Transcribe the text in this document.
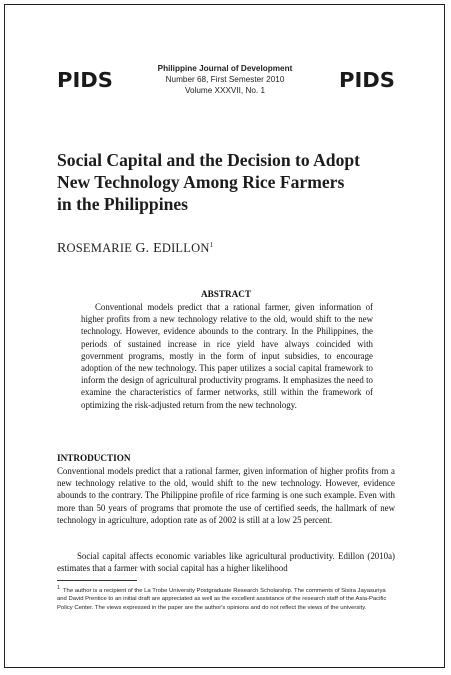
PIDS	Philippine Journal of Development
Number 68, First Semester 2010
Volume XXXVII, No. 1	PIDS
Social Capital and the Decision to Adopt
New Technology Among Rice Farmers
in the Philippines
ROSEMARIE G. EDILLON$^1$
ABSTRACT

Conventional models predict that a rational farmer, given information of higher profits from a new technology relative to the old, would shift to the new technology. However, evidence abounds to the contrary. In the Philippines, the periods of sustained increase in rice yield have always coincided with government programs, mostly in the form of input subsidies, to encourage adoption of the new technology. This paper utilizes a social capital framework to inform the design of agricultural productivity programs. It emphasizes the need to examine the characteristics of farmer networks, still within the framework of optimizing the risk-adjusted return from the new technology.

INTRODUCTION

Conventional models predict that a rational farmer, given information of higher profits from a new technology relative to the old, would shift to the new technology. However, evidence abounds to the contrary. The Philippine profile of rice farming is one such example. Even with more than 50 years of programs that promote the use of certified seeds, the hallmark of new technology in agriculture, adoption rate as of 2002 is still at a low 25 percent.

Social capital affects economic variables like agricultural productivity. Edillon (2010a) estimates that a farmer with social capital has a higher likelihood

$^1$ The author is a recipient of the La Trobe University Postgraduate Research Scholarship. The comments of Sisira Jayasuriya and David Prentice to an initial draft are appreciated as well as the excellent assistance of the research staff of the Asia-Pacific Policy Center. The views expressed in the paper are the author's opinions and do not reflect the views of the university.
